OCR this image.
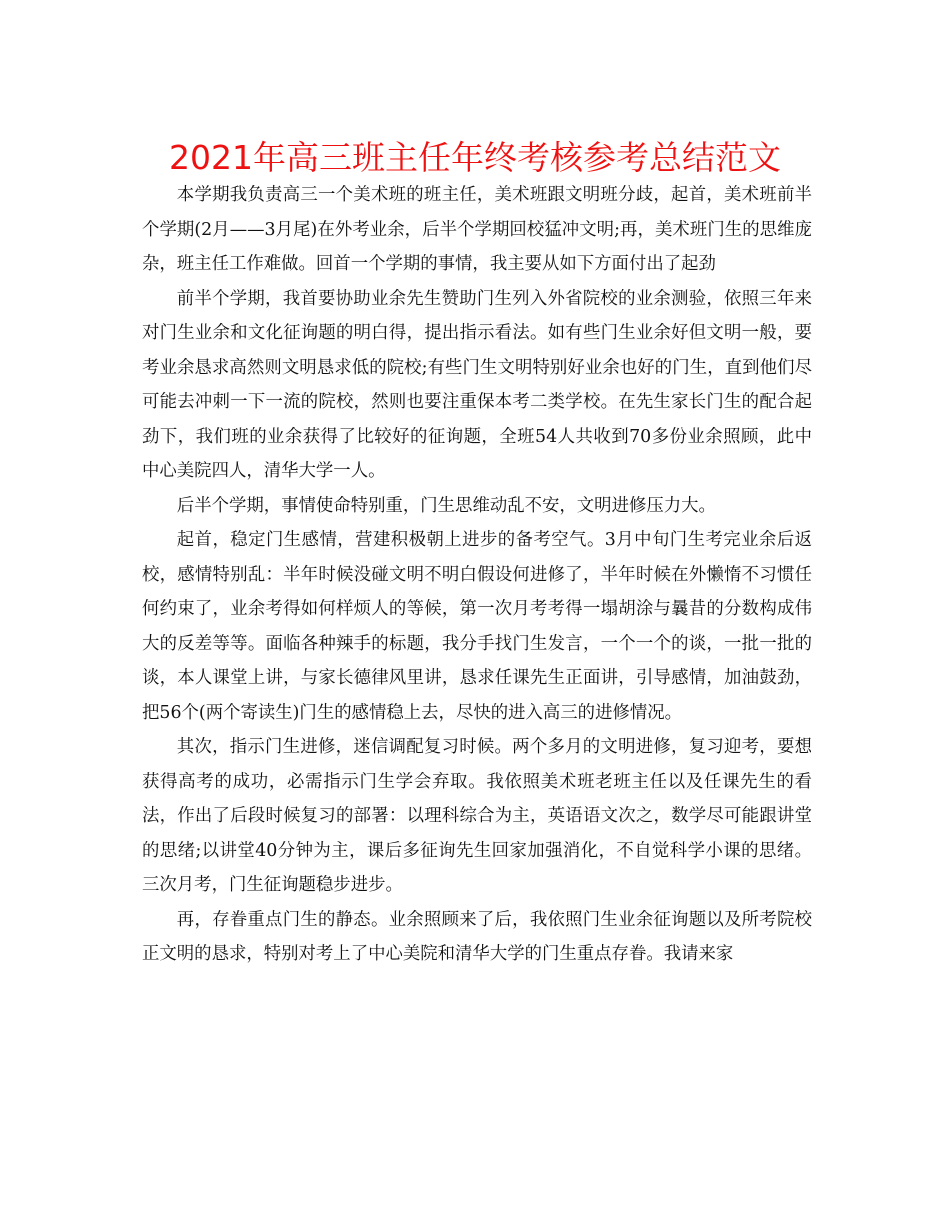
2021年高三班主任年终考核参考总结范文

本学期我负责高三一个美术班的班主任，美术班跟文明班分歧，起首，美术班前半个学期(2月——3月尾)在外考业余，后半个学期回校猛冲文明;再，美术班门生的思维庞杂，班主任工作难做。回首一个学期的事情，我主要从如下方面付出了起劲

前半个学期，我首要协助业余先生赞助门生列入外省院校的业余测验，依照三年来对门生业余和文化征询题的明白得，提出指示看法。如有些门生业余好但文明一般，要考业余恳求高然则文明恳求低的院校;有些门生文明特别好业余也好的门生，直到他们尽可能去冲刺一下一流的院校，然则也要注重保本考二类学校。在先生家长门生的配合起劲下，我们班的业余获得了比较好的征询题，全班54人共收到70多份业余照顾，此中中心美院四人，清华大学一人。

后半个学期，事情使命特别重，门生思维动乱不安，文明进修压力大。

起首，稳定门生感情，营建积极朝上进步的备考空气。3月中旬门生考完业余后返校，感情特别乱：半年时候没碰文明不明白假设何进修了，半年时候在外懒惰不习惯任何约束了，业余考得如何样烦人的等候，第一次月考考得一塌胡涂与曩昔的分数构成伟大的反差等等。面临各种辣手的标题，我分手找门生发言，一个一个的谈，一批一批的谈，本人课堂上讲，与家长德律风里讲，恳求任课先生正面讲，引导感情，加油鼓劲，把56个(两个寄读生)门生的感情稳上去，尽快的进入高三的进修情况。

其次，指示门生进修，迷信调配复习时候。两个多月的文明进修，复习迎考，要想获得高考的成功，必需指示门生学会弃取。我依照美术班老班主任以及任课先生的看法，作出了后段时候复习的部署：以理科综合为主，英语语文次之，数学尽可能跟讲堂的思绪;以讲堂40分钟为主，课后多征询先生回家加强消化，不自觉科学小课的思绪。三次月考，门生征询题稳步进步。

再，存眷重点门生的静态。业余照顾来了后，我依照门生业余征询题以及所考院校正文明的恳求，特别对考上了中心美院和清华大学的门生重点存眷。我请来家
